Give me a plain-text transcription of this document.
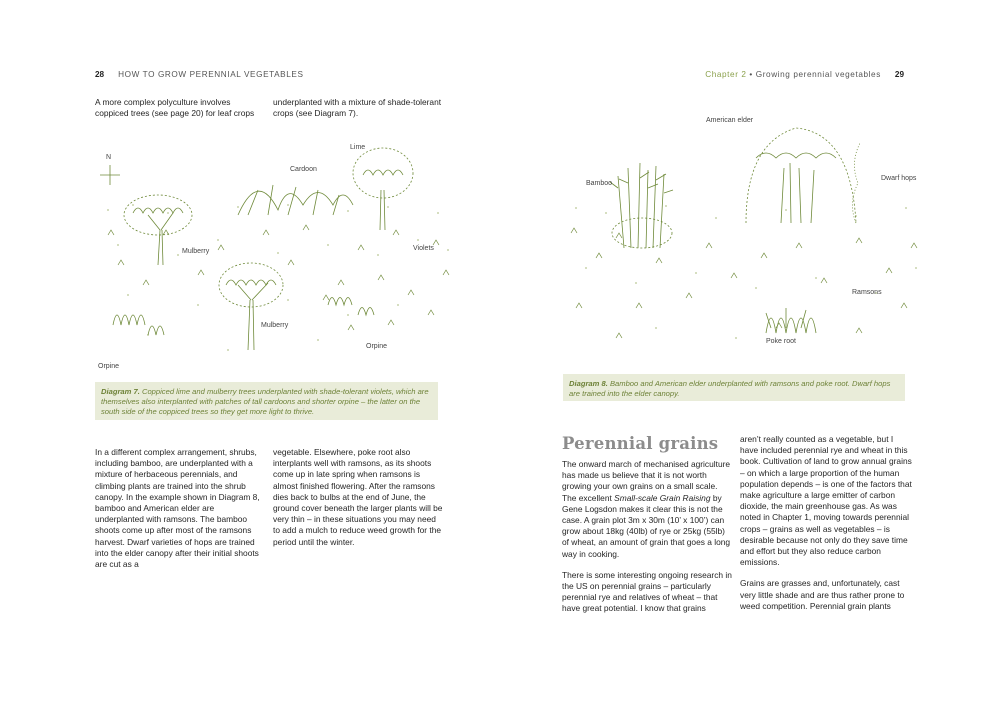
28 HOW TO GROW PERENNIAL VEGETABLES

A more complex polyculture involves coppiced trees (see page 20) for leaf crops

underplanted with a mixture of shade-tolerant crops (see Diagram 7).

N
Cardoon
Lime
Mulberry	Violets
Mulberry
Orpine
Orpine
Diagram 7. Coppiced lime and mulberry trees underplanted with shade-tolerant violets, which are themselves also interplanted with patches of tall cardoons and shorter orpine – the latter on the south side of the coppiced trees so they get more light to thrive.

In a different complex arrangement, shrubs, including bamboo, are underplanted with a mixture of herbaceous perennials, and climbing plants are trained into the shrub canopy. In the example shown in Diagram 8, bamboo and American elder are underplanted with ramsons. The bamboo shoots come up after most of the ramsons harvest. Dwarf varieties of hops are trained into the elder canopy after their initial shoots are cut as a

vegetable. Elsewhere, poke root also interplants well with ramsons, as its shoots come up in late spring when ramsons is almost finished flowering. After the ramsons dies back to bulbs at the end of June, the ground cover beneath the larger plants will be very thin – in these situations you may need to add a mulch to reduce weed growth for the period until the winter.

Chapter 2 • Growing perennial vegetables 29
American elder
Bamboo
Dwarf hops
Ramsons
Poke root
Diagram 8. Bamboo and American elder underplanted with ramsons and poke root. Dwarf hops are trained into the elder canopy.
Perennial grains

The onward march of mechanised agriculture has made us believe that it is not worth growing your own grains on a small scale. The excellent Small-scale Grain Raising by Gene Logsdon makes it clear this is not the case. A grain plot 3m x 30m (10’ x 100’) can grow about 18kg (40lb) of rye or 25kg (55lb) of wheat, an amount of grain that goes a long way in cooking.

There is some interesting ongoing research in the US on perennial grains – particularly perennial rye and relatives of wheat – that have great potential. I know that grains

aren’t really counted as a vegetable, but I have included perennial rye and wheat in this book. Cultivation of land to grow annual grains – on which a large proportion of the human population depends – is one of the factors that make agriculture a large emitter of carbon dioxide, the main greenhouse gas. As was noted in Chapter 1, moving towards perennial crops – grains as well as vegetables – is desirable because not only do they save time and effort but they also reduce carbon emissions.

Grains are grasses and, unfortunately, cast very little shade and are thus rather prone to weed competition. Perennial grain plants
